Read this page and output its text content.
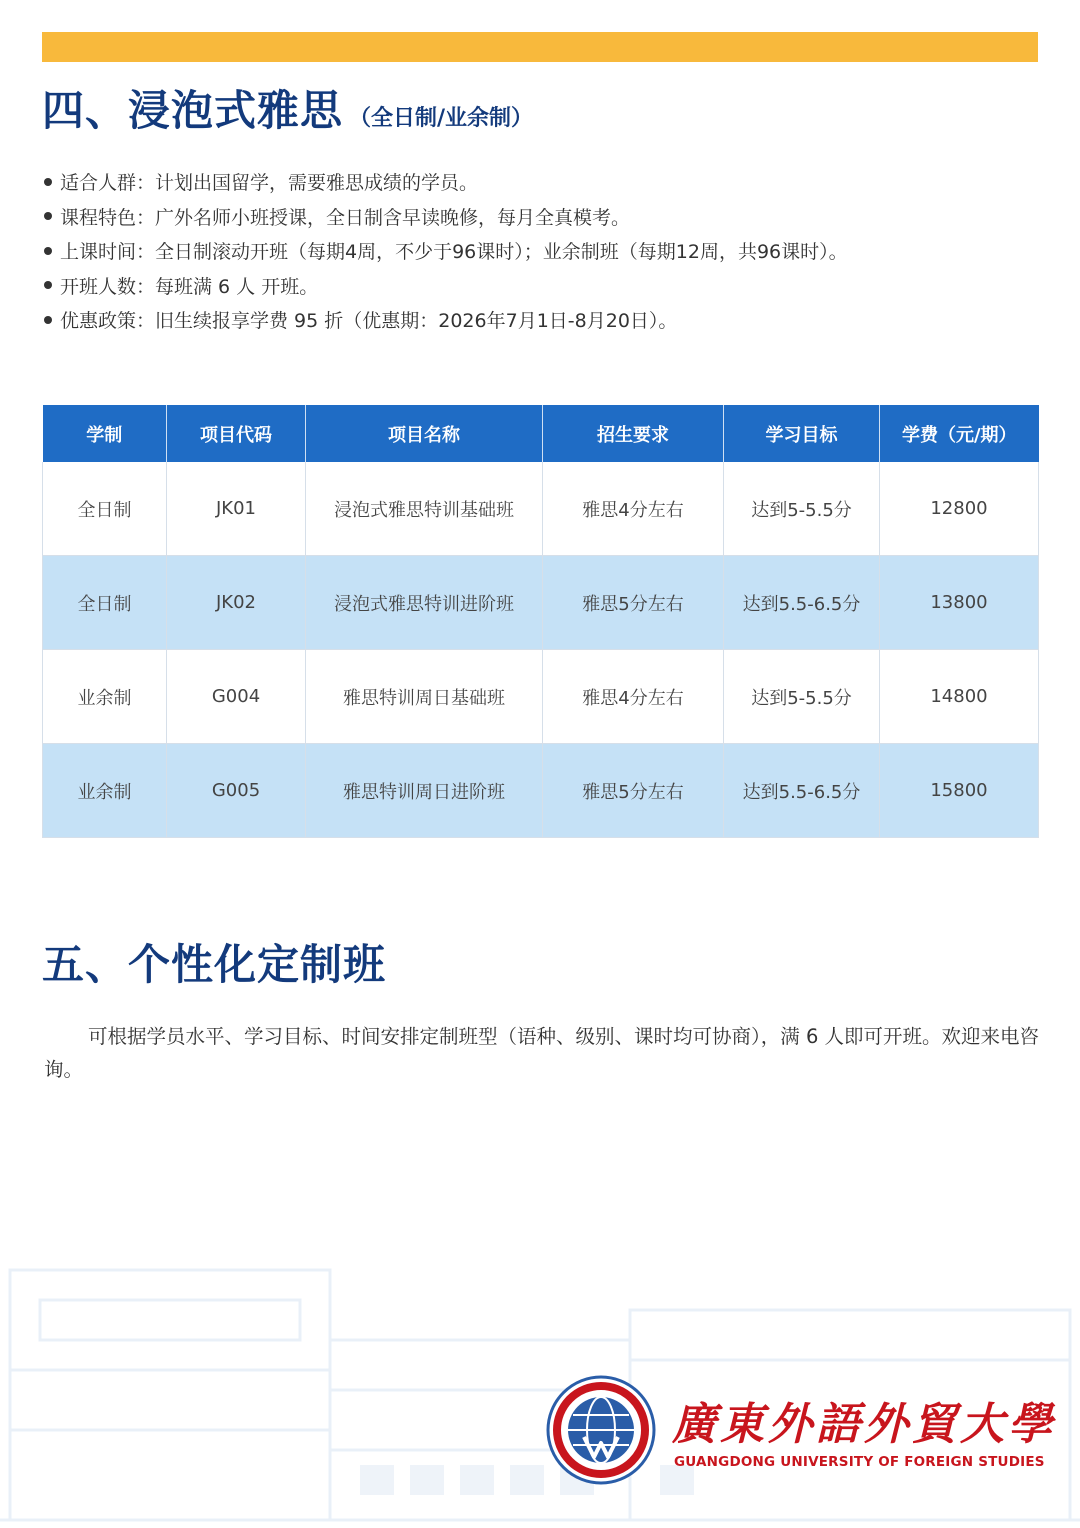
四、浸泡式雅思 （全日制/业余制）
适合人群：计划出国留学，需要雅思成绩的学员。
课程特色：广外名师小班授课，全日制含早读晚修，每月全真模考。
上课时间：全日制滚动开班（每期4周，不少于96课时）；业余制班（每期12周，共96课时）。
开班人数：每班满 6 人 开班。
优惠政策：旧生续报享学费 95 折（优惠期：2026年7月1日-8月20日）。
学制	项目代码	项目名称	招生要求	学习目标	学费（元/期）
全日制	JK01	浸泡式雅思特训基础班	雅思4分左右	达到5-5.5分	12800
全日制	JK02	浸泡式雅思特训进阶班	雅思5分左右	达到5.5-6.5分	13800
业余制	G004	雅思特训周日基础班	雅思4分左右	达到5-5.5分	14800
业余制	G005	雅思特训周日进阶班	雅思5分左右	达到5.5-6.5分	15800
五、个性化定制班

可根据学员水平、学习目标、时间安排定制班型（语种、级别、课时均可协商），满 6 人即可开班。欢迎来电咨询。

廣東外語外貿大學
GUANGDONG UNIVERSITY OF FOREIGN STUDIES
